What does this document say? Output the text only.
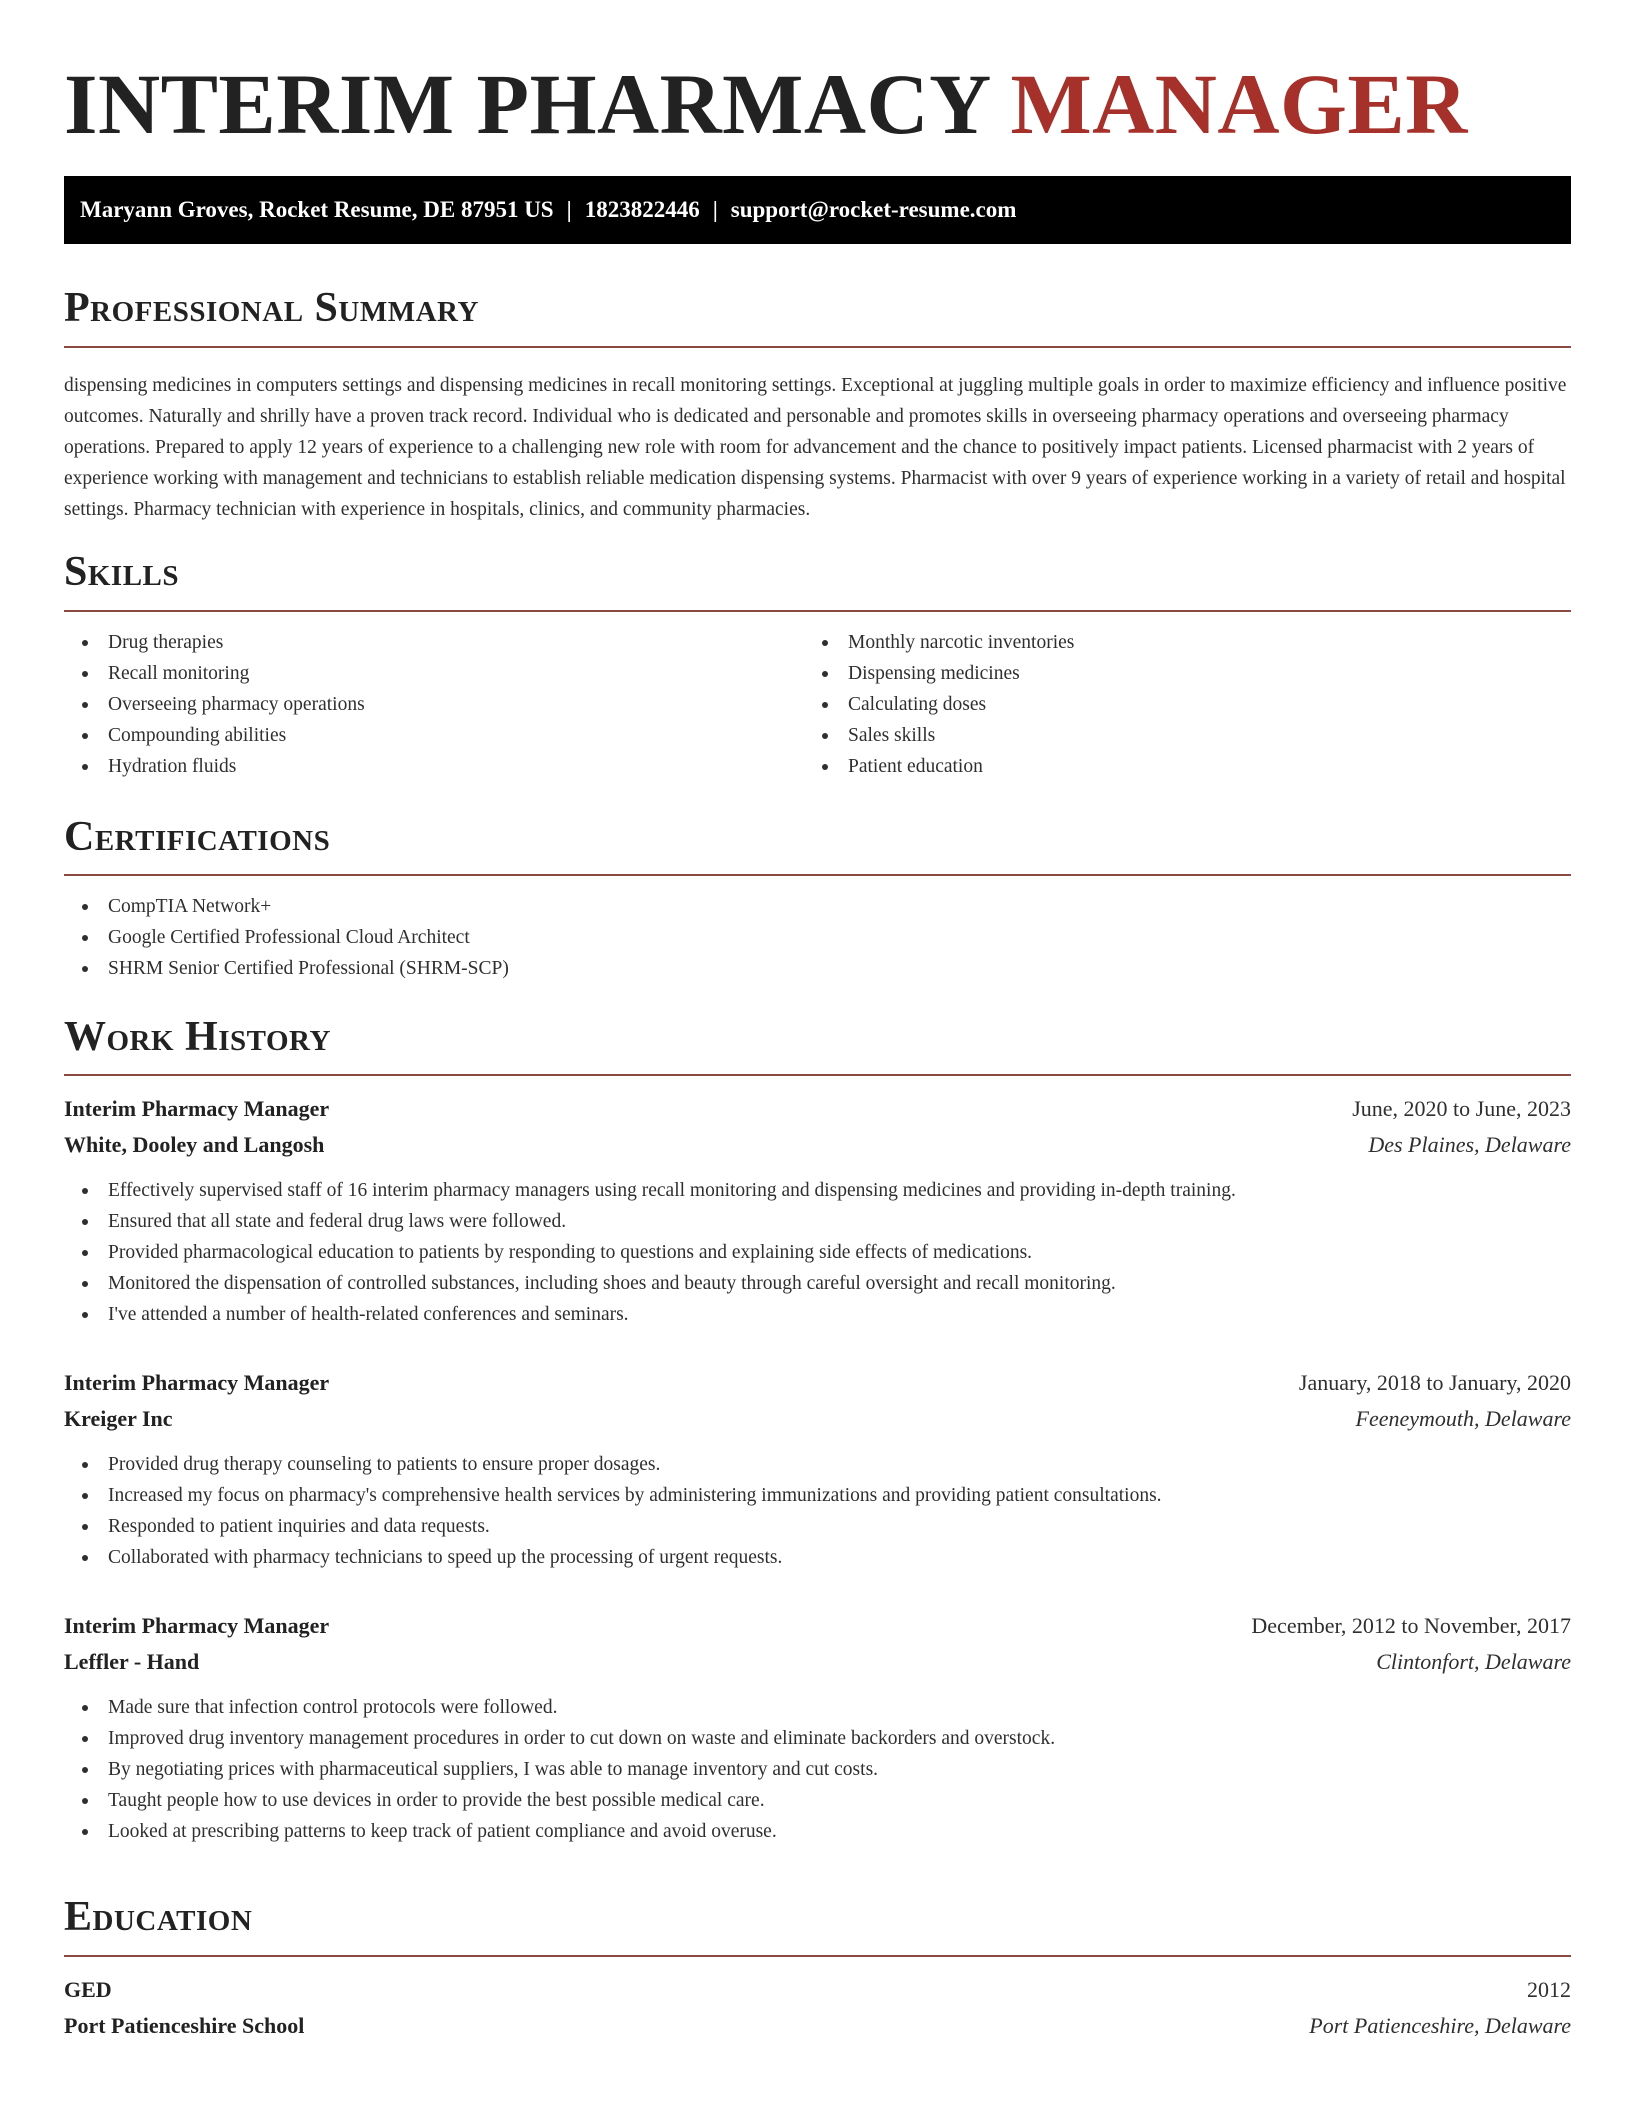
INTERIM PHARMACY MANAGER
Maryann Groves, Rocket Resume, DE 87951 US | 1823822446 | support@rocket-resume.com
Professional Summary

dispensing medicines in computers settings and dispensing medicines in recall monitoring settings. Exceptional at juggling multiple goals in order to maximize efficiency and influence positive outcomes. Naturally and shrilly have a proven track record. Individual who is dedicated and personable and promotes skills in overseeing pharmacy operations and overseeing pharmacy operations. Prepared to apply 12 years of experience to a challenging new role with room for advancement and the chance to positively impact patients. Licensed pharmacist with 2 years of experience working with management and technicians to establish reliable medication dispensing systems. Pharmacist with over 9 years of experience working in a variety of retail and hospital settings. Pharmacy technician with experience in hospitals, clinics, and community pharmacies.

Skills
Drug therapies
Recall monitoring
Overseeing pharmacy operations
Compounding abilities
Hydration fluids
Monthly narcotic inventories
Dispensing medicines
Calculating doses
Sales skills
Patient education
Certifications
CompTIA Network+
Google Certified Professional Cloud Architect
SHRM Senior Certified Professional (SHRM-SCP)
Work History
Interim Pharmacy Manager	June, 2020 to June, 2023
White, Dooley and Langosh	Des Plaines, Delaware
Effectively supervised staff of 16 interim pharmacy managers using recall monitoring and dispensing medicines and providing in-depth training.
Ensured that all state and federal drug laws were followed.
Provided pharmacological education to patients by responding to questions and explaining side effects of medications.
Monitored the dispensation of controlled substances, including shoes and beauty through careful oversight and recall monitoring.
I've attended a number of health-related conferences and seminars.
Interim Pharmacy Manager	January, 2018 to January, 2020
Kreiger Inc	Feeneymouth, Delaware
Provided drug therapy counseling to patients to ensure proper dosages.
Increased my focus on pharmacy's comprehensive health services by administering immunizations and providing patient consultations.
Responded to patient inquiries and data requests.
Collaborated with pharmacy technicians to speed up the processing of urgent requests.
Interim Pharmacy Manager	December, 2012 to November, 2017
Leffler - Hand	Clintonfort, Delaware
Made sure that infection control protocols were followed.
Improved drug inventory management procedures in order to cut down on waste and eliminate backorders and overstock.
By negotiating prices with pharmaceutical suppliers, I was able to manage inventory and cut costs.
Taught people how to use devices in order to provide the best possible medical care.
Looked at prescribing patterns to keep track of patient compliance and avoid overuse.
Education
GED	2012
Port Patienceshire School	Port Patienceshire, Delaware
